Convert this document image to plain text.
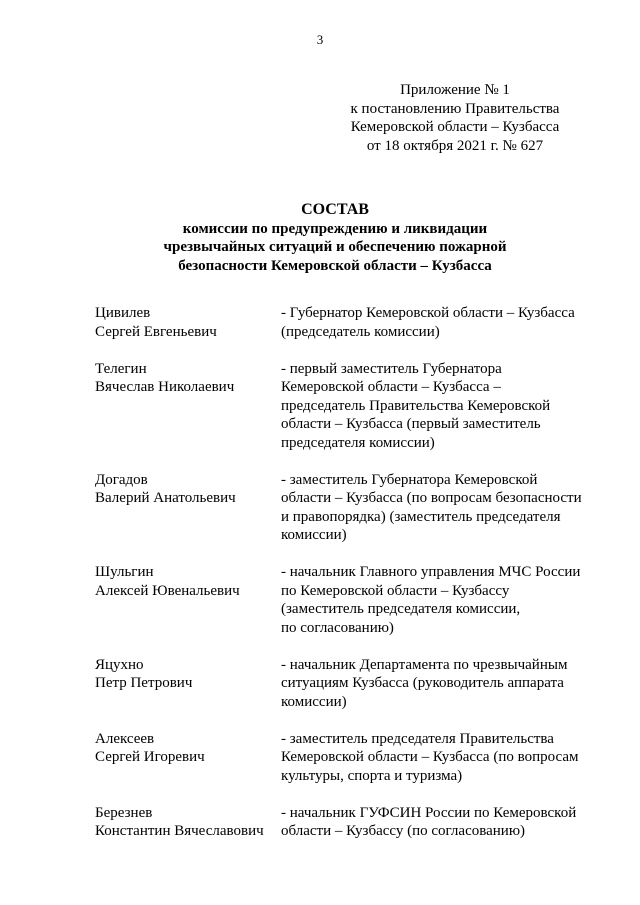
3
Приложение № 1
к постановлению Правительства
Кемеровской области – Кузбасса
от 18 октября 2021 г. № 627
СОСТАВ
комиссии по предупреждению и ликвидации
чрезвычайных ситуаций и обеспечению пожарной
безопасности Кемеровской области – Кузбасса
Цивилев
Сергей Евгеньевич
- Губернатор Кемеровской области – Кузбасса
(председатель комиссии)
Телегин
Вячеслав Николаевич
- первый заместитель Губернатора
Кемеровской области – Кузбасса –
председатель Правительства Кемеровской
области – Кузбасса (первый заместитель
председателя комиссии)
Догадов
Валерий Анатольевич
- заместитель Губернатора Кемеровской
области – Кузбасса (по вопросам безопасности
и правопорядка) (заместитель председателя
комиссии)
Шульгин
Алексей Ювенальевич
- начальник Главного управления МЧС России
по Кемеровской области – Кузбассу
(заместитель председателя комиссии,
по согласованию)
Яцухно
Петр Петрович
- начальник Департамента по чрезвычайным
ситуациям Кузбасса (руководитель аппарата
комиссии)
Алексеев
Сергей Игоревич
- заместитель председателя Правительства
Кемеровской области – Кузбасса (по вопросам
культуры, спорта и туризма)
Березнев
Константин Вячеславович
- начальник ГУФСИН России по Кемеровской
области – Кузбассу (по согласованию)
